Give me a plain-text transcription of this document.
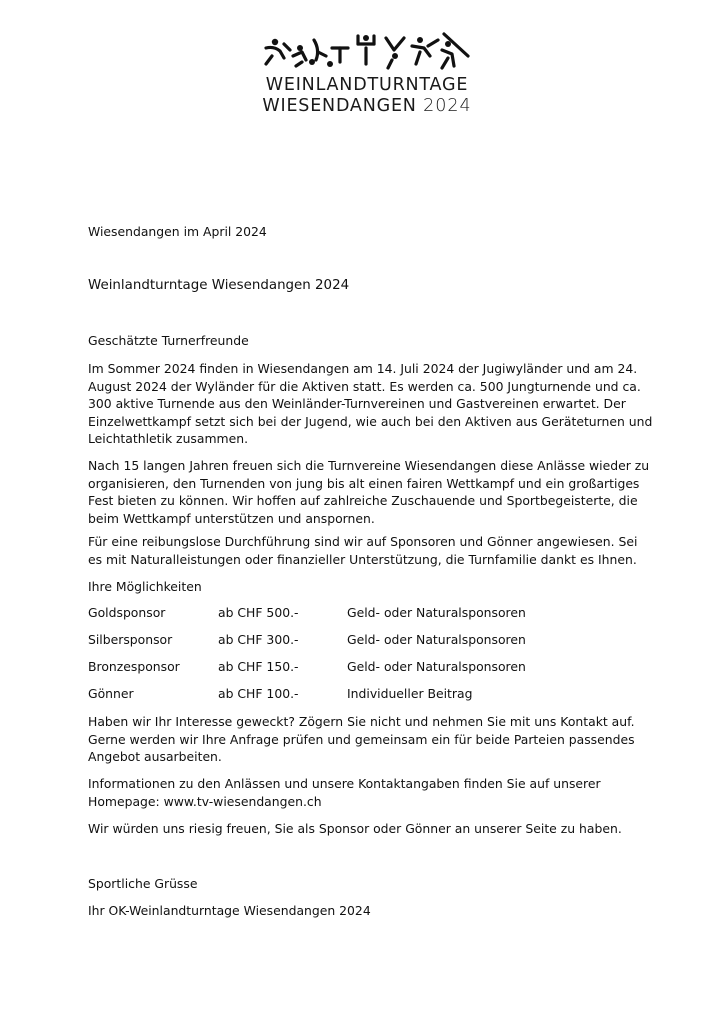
WEINLANDTURNTAGE
WIESENDANGEN 2024
Wiesendangen im April 2024
Weinlandturntage Wiesendangen 2024
Geschätzte Turnerfreunde
Im Sommer 2024 finden in Wiesendangen am 14. Juli 2024 der Jugiwyländer und am 24.
August 2024 der Wyländer für die Aktiven statt. Es werden ca. 500 Jungturnende und ca.
300 aktive Turnende aus den Weinländer-Turnvereinen und Gastvereinen erwartet. Der
Einzelwettkampf setzt sich bei der Jugend, wie auch bei den Aktiven aus Geräteturnen und
Leichtathletik zusammen.
Nach 15 langen Jahren freuen sich die Turnvereine Wiesendangen diese Anlässe wieder zu
organisieren, den Turnenden von jung bis alt einen fairen Wettkampf und ein großartiges
Fest bieten zu können. Wir hoffen auf zahlreiche Zuschauende und Sportbegeisterte, die
beim Wettkampf unterstützen und anspornen.
Für eine reibungslose Durchführung sind wir auf Sponsoren und Gönner angewiesen. Sei
es mit Naturalleistungen oder finanzieller Unterstützung, die Turnfamilie dankt es Ihnen.
Ihre Möglichkeiten
Goldsponsor	ab CHF 500.-	Geld- oder Naturalsponsoren
Silbersponsor	ab CHF 300.-	Geld- oder Naturalsponsoren
Bronzesponsor	ab CHF 150.-	Geld- oder Naturalsponsoren
Gönner	ab CHF 100.-	Individueller Beitrag
Haben wir Ihr Interesse geweckt? Zögern Sie nicht und nehmen Sie mit uns Kontakt auf.
Gerne werden wir Ihre Anfrage prüfen und gemeinsam ein für beide Parteien passendes
Angebot ausarbeiten.
Informationen zu den Anlässen und unsere Kontaktangaben finden Sie auf unserer
Homepage: www.tv-wiesendangen.ch
Wir würden uns riesig freuen, Sie als Sponsor oder Gönner an unserer Seite zu haben.
Sportliche Grüsse
Ihr OK-Weinlandturntage Wiesendangen 2024
